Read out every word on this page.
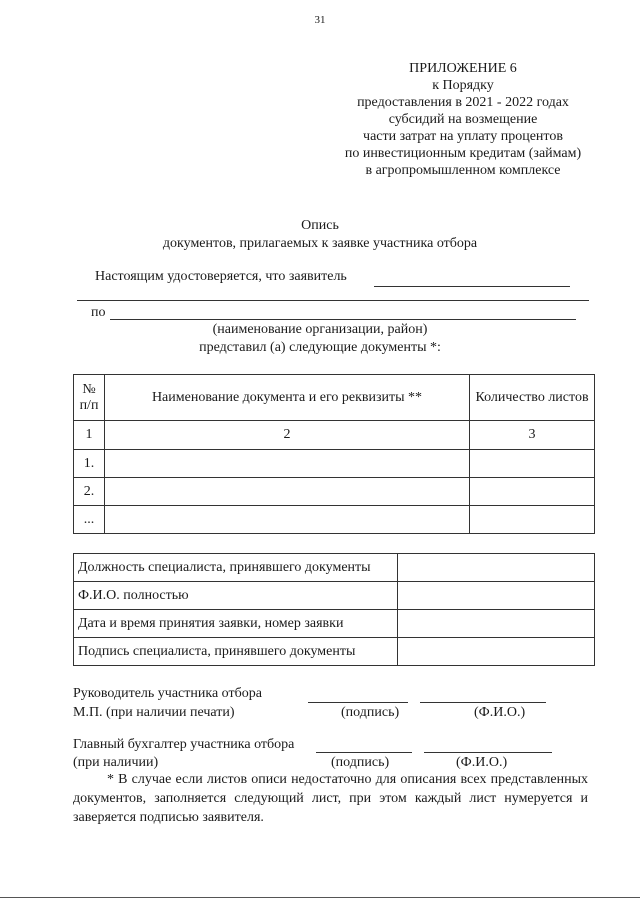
31
ПРИЛОЖЕНИЕ 6
к Порядку
предоставления в 2021 - 2022 годах
субсидий на возмещение
части затрат на уплату процентов
по инвестиционным кредитам (займам)
в агропромышленном комплексе
Опись
документов, прилагаемых к заявке участника отбора
Настоящим удостоверяется, что заявитель
по
(наименование организации, район)
представил (а) следующие документы *:
№ п/п	Наименование документа и его реквизиты **	Количество листов
1	2	3
1.		
2.		
...		
Должность специалиста, принявшего документы	
Ф.И.О. полностью	
Дата и время принятия заявки, номер заявки	
Подпись специалиста, принявшего документы	
Руководитель участника отбора
М.П. (при наличии печати)	(подпись)	(Ф.И.О.)
Главный бухгалтер участника отбора
(при наличии)	(подпись)	(Ф.И.О.)
* В случае если листов описи недостаточно для описания всех представленных документов, заполняется следующий лист, при этом каждый лист нумеруется и заверяется подписью заявителя.
